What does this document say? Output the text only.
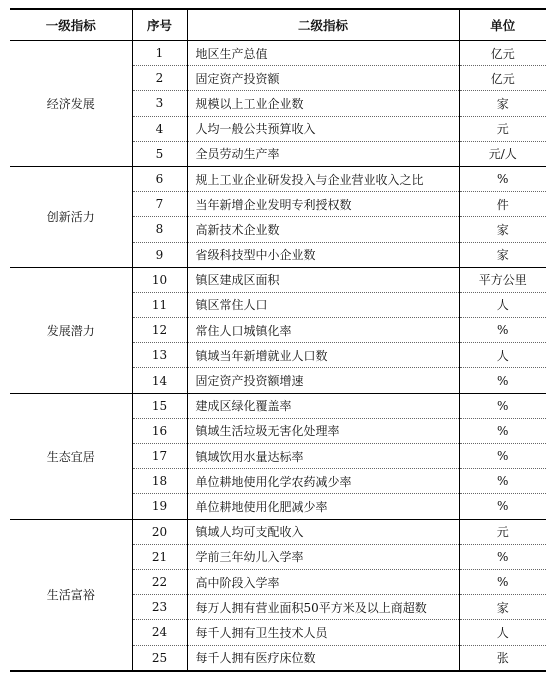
一级指标	序号	二级指标	单位
经济发展	1	地区生产总值	亿元
	2	固定资产投资额	亿元
	3	规模以上工业企业数	家
	4	人均一般公共预算收入	元
	5	全员劳动生产率	元/人
创新活力	6	规上工业企业研发投入与企业营业收入之比	%
	7	当年新增企业发明专利授权数	件
	8	高新技术企业数	家
	9	省级科技型中小企业数	家
发展潜力	10	镇区建成区面积	平方公里
	11	镇区常住人口	人
	12	常住人口城镇化率	%
	13	镇域当年新增就业人口数	人
	14	固定资产投资额增速	%
生态宜居	15	建成区绿化覆盖率	%
	16	镇域生活垃圾无害化处理率	%
	17	镇域饮用水量达标率	%
	18	单位耕地使用化学农药减少率	%
	19	单位耕地使用化肥减少率	%
生活富裕	20	镇域人均可支配收入	元
	21	学前三年幼儿入学率	%
	22	高中阶段入学率	%
	23	每万人拥有营业面积50平方米及以上商超数	家
	24	每千人拥有卫生技术人员	人
	25	每千人拥有医疗床位数	张
